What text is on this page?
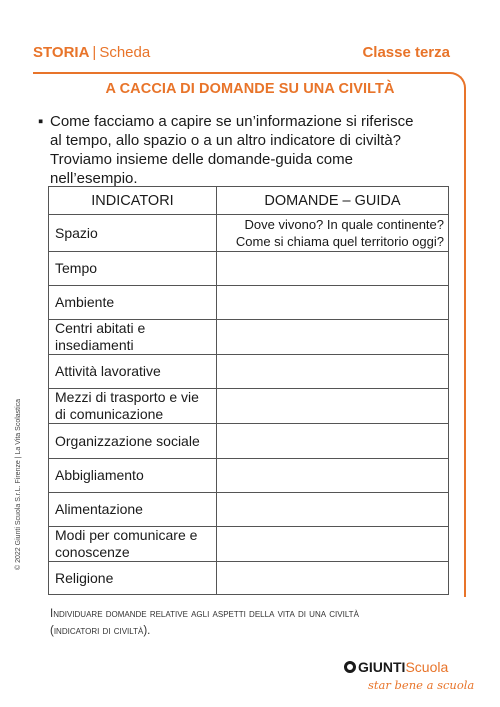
STORIA | Scheda	Classe terza
A CACCIA DI DOMANDE SU UNA CIVILTÀ
▪ Come facciamo a capire se un’informazione si riferisce
al tempo, allo spazio o a un altro indicatore di civiltà?
Troviamo insieme delle domande-guida come
nell’esempio.
INDICATORI	DOMANDE – GUIDA

Spazio	Dove vivono? In quale continente?
Come si chiama quel territorio oggi?

Tempo	

Ambiente	

Centri abitati e
insediamenti	

Attività lavorative	

Mezzi di trasporto e vie
di comunicazione	

Organizzazione sociale	

Abbigliamento	

Alimentazione	

Modi per comunicare e
conoscenze	

Religione	

Individuare domande relative agli aspetti della vita di una civiltà
(indicatori di civiltà).
© 2022 Giunti Scuola S.r.L. Firenze | La Vita Scolastica
GIUNTIScuola
star bene a scuola
